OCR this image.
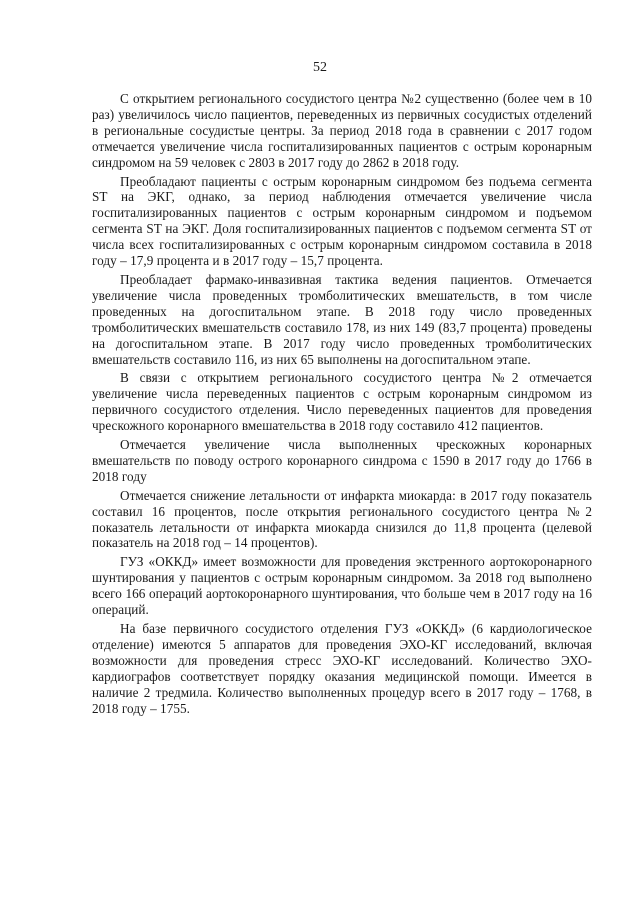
52

С открытием регионального сосудистого центра №2 существенно (более чем в 10 раз) увеличилось число пациентов, переведенных из первичных сосудистых отделений в региональные сосудистые центры. За период 2018 года в сравнении с 2017 годом отмечается увеличение числа госпитализированных пациентов с острым коронарным синдромом на 59 человек с 2803 в 2017 году до 2862 в 2018 году.

Преобладают пациенты с острым коронарным синдромом без подъема сегмента ST на ЭКГ, однако, за период наблюдения отмечается увеличение числа госпитализированных пациентов с острым коронарным синдромом и подъемом сегмента ST на ЭКГ. Доля госпитализированных пациентов с подъемом сегмента ST от числа всех госпитализированных с острым коронарным синдромом составила в 2018 году – 17,9 процента и в 2017 году – 15,7 процента.

Преобладает фармако-инвазивная тактика ведения пациентов. Отмечается увеличение числа проведенных тромболитических вмешательств, в том числе проведенных на догоспитальном этапе. В 2018 году число проведенных тромболитических вмешательств составило 178, из них 149 (83,7 процента) проведены на догоспитальном этапе. В 2017 году число проведенных тромболитических вмешательств составило 116, из них 65 выполнены на догоспитальном этапе.

В связи с открытием регионального сосудистого центра №2 отмечается увеличение числа переведенных пациентов с острым коронарным синдромом из первичного сосудистого отделения. Число переведенных пациентов для проведения чрескожного коронарного вмешательства в 2018 году составило 412 пациентов.

Отмечается увеличение числа выполненных чрескожных коронарных вмешательств по поводу острого коронарного синдрома с 1590 в 2017 году до 1766 в 2018 году

Отмечается снижение летальности от инфаркта миокарда: в 2017 году показатель составил 16 процентов, после открытия регионального сосудистого центра №2 показатель летальности от инфаркта миокарда снизился до 11,8 процента (целевой показатель на 2018 год – 14 процентов).

ГУЗ «ОККД» имеет возможности для проведения экстренного аортокоронарного шунтирования у пациентов с острым коронарным синдромом. За 2018 год выполнено всего 166 операций аортокоронарного шунтирования, что больше чем в 2017 году на 16 операций.

На базе первичного сосудистого отделения ГУЗ «ОККД» (6 кардиологическое отделение) имеются 5 аппаратов для проведения ЭХО-КГ исследований, включая возможности для проведения стресс ЭХО-КГ исследований. Количество ЭХО-кардиографов соответствует порядку оказания медицинской помощи. Имеется в наличие 2 тредмила. Количество выполненных процедур всего в 2017 году – 1768, в 2018 году – 1755.
